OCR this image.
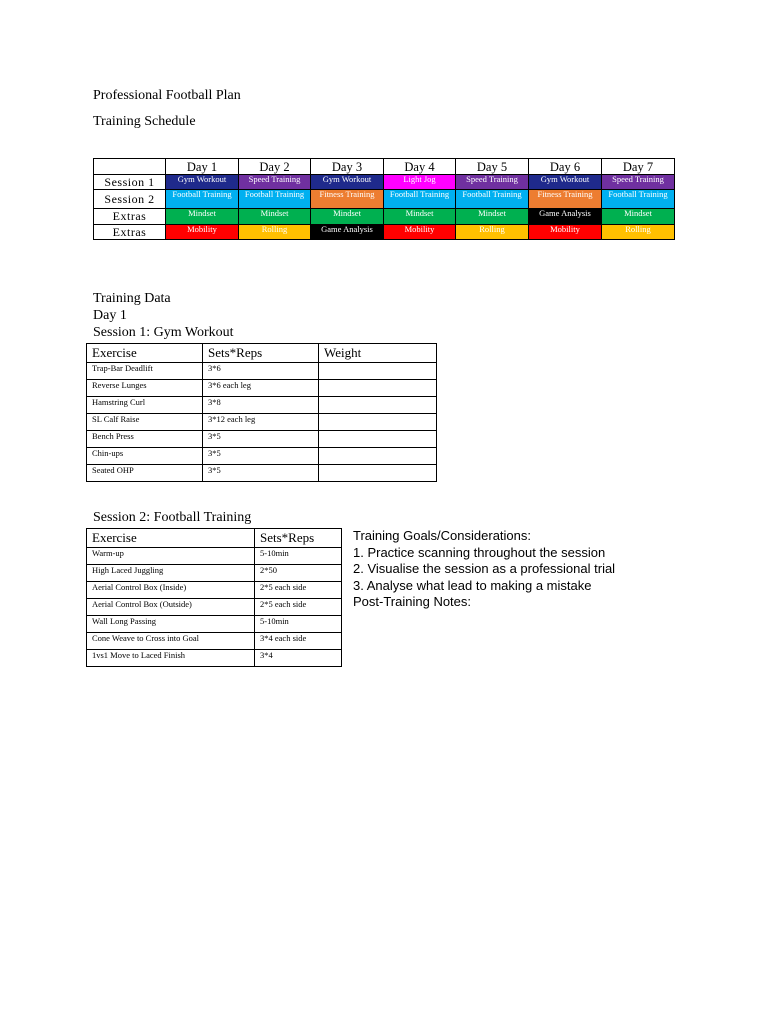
Professional Football Plan
Training Schedule
	Day 1	Day 2	Day 3	Day 4	Day 5	Day 6	Day 7
Session 1	Gym Workout	Speed Training	Gym Workout	Light Jog	Speed Training	Gym Workout	Speed Training
Session 2	Football Training	Football Training	Fitness Training	Football Training	Football Training	Fitness Training	Football Training
Extras	Mindset	Mindset	Mindset	Mindset	Mindset	Game Analysis	Mindset
Extras	Mobility	Rolling	Game Analysis	Mobility	Rolling	Mobility	Rolling
Training Data
Day 1
Session 1: Gym Workout
Exercise	Sets*Reps	Weight
Trap-Bar Deadlift	3*6	
Reverse Lunges	3*6 each leg	
Hamstring Curl	3*8	
SL Calf Raise	3*12 each leg	
Bench Press	3*5	
Chin-ups	3*5	
Seated OHP	3*5	
Session 2: Football Training
Exercise	Sets*Reps
Warm-up	5-10min
High Laced Juggling	2*50
Aerial Control Box (Inside)	2*5 each side
Aerial Control Box (Outside)	2*5 each side
Wall Long Passing	5-10min
Cone Weave to Cross into Goal	3*4 each side
1vs1 Move to Laced Finish	3*4
Training Goals/Considerations:
1. Practice scanning throughout the session
2. Visualise the session as a professional trial
3. Analyse what lead to making a mistake
Post-Training Notes:
